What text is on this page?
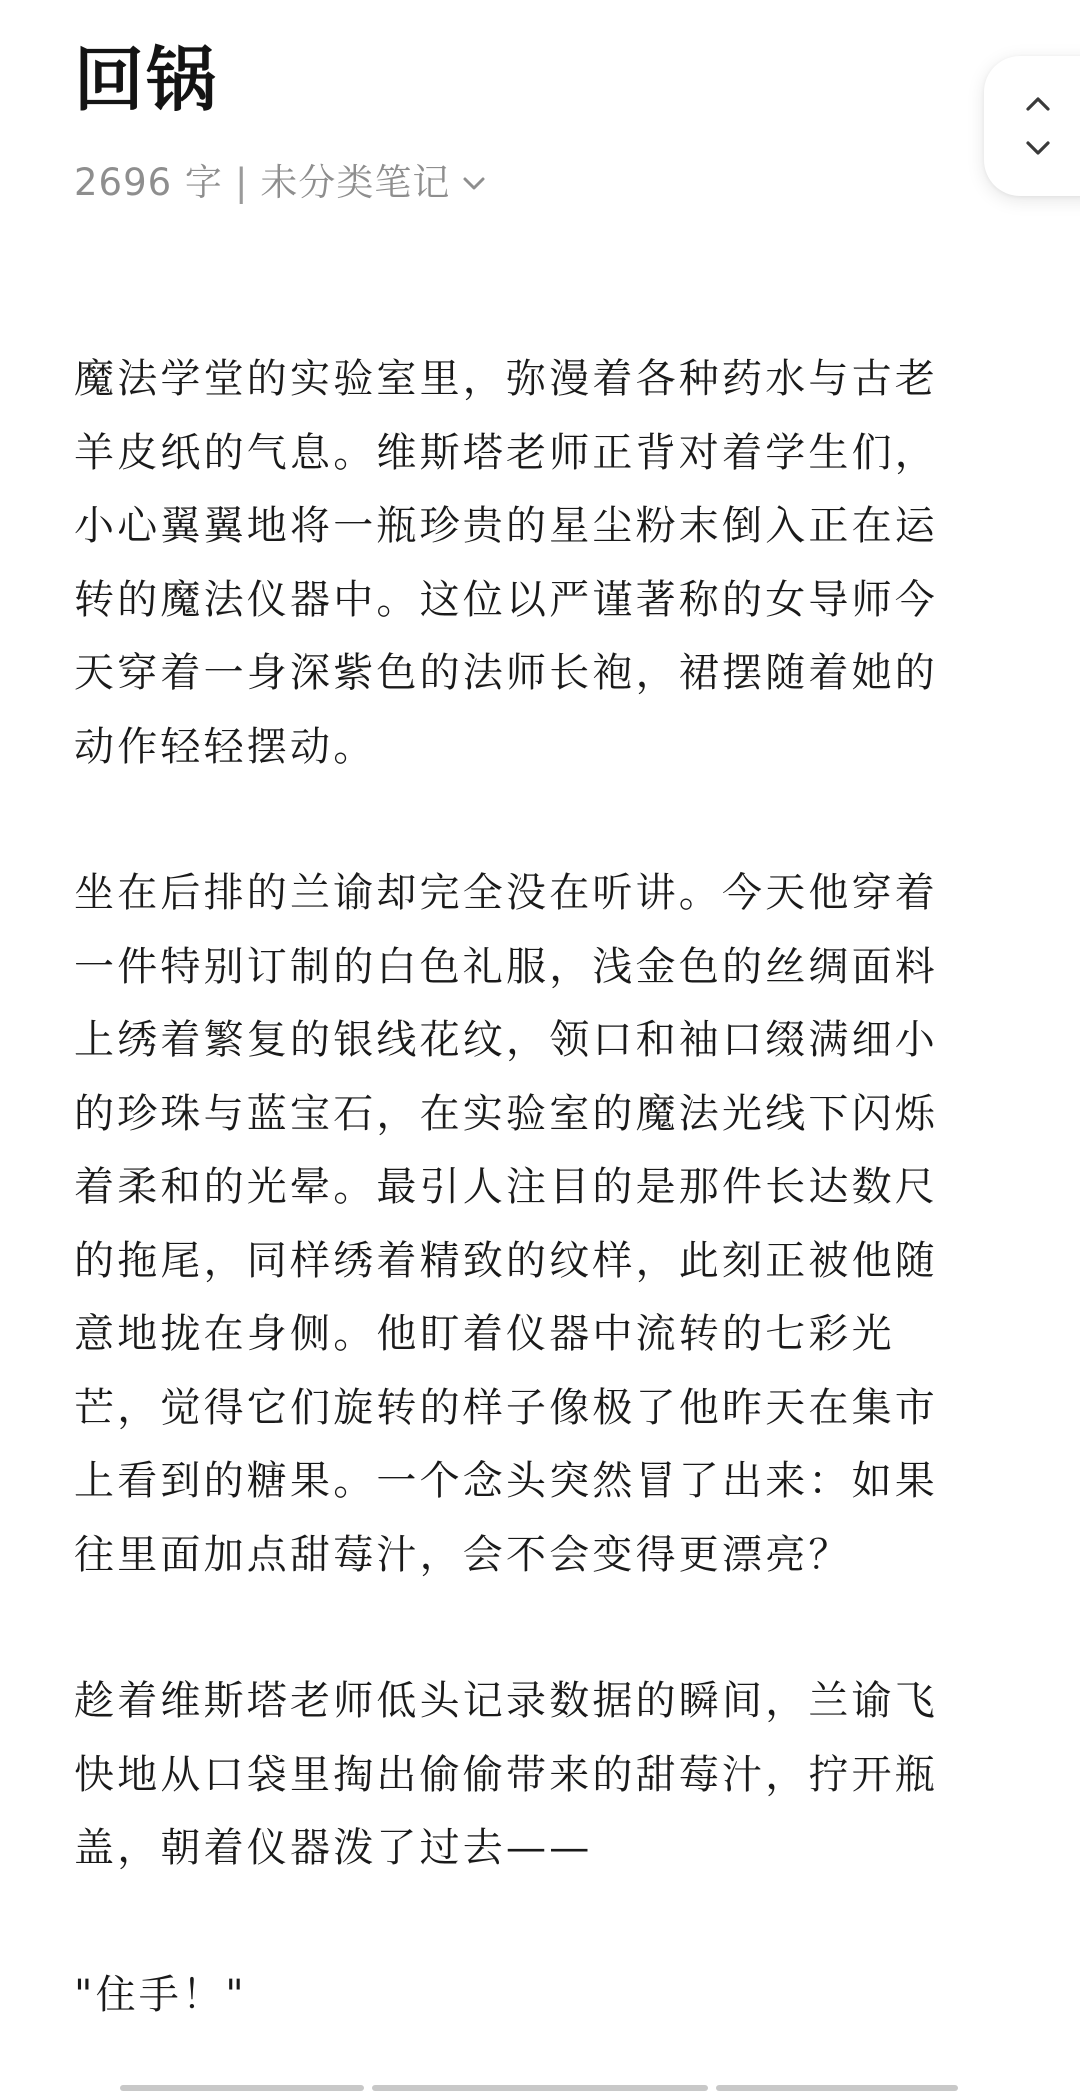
回锅
2696 字 | 未分类笔记

魔法学堂的实验室里，弥漫着各种药水与古老羊皮纸的气息。维斯塔老师正背对着学生们，小心翼翼地将一瓶珍贵的星尘粉末倒入正在运转的魔法仪器中。这位以严谨著称的女导师今天穿着一身深紫色的法师长袍，裙摆随着她的动作轻轻摆动。

坐在后排的兰谕却完全没在听讲。今天他穿着一件特别订制的白色礼服，浅金色的丝绸面料上绣着繁复的银线花纹，领口和袖口缀满细小的珍珠与蓝宝石，在实验室的魔法光线下闪烁着柔和的光晕。最引人注目的是那件长达数尺的拖尾，同样绣着精致的纹样，此刻正被他随意地拢在身侧。他盯着仪器中流转的七彩光芒，觉得它们旋转的样子像极了他昨天在集市上看到的糖果。一个念头突然冒了出来：如果往里面加点甜莓汁，会不会变得更漂亮？

趁着维斯塔老师低头记录数据的瞬间，兰谕飞快地从口袋里掏出偷偷带来的甜莓汁，拧开瓶盖，朝着仪器泼了过去——

"住手！"
